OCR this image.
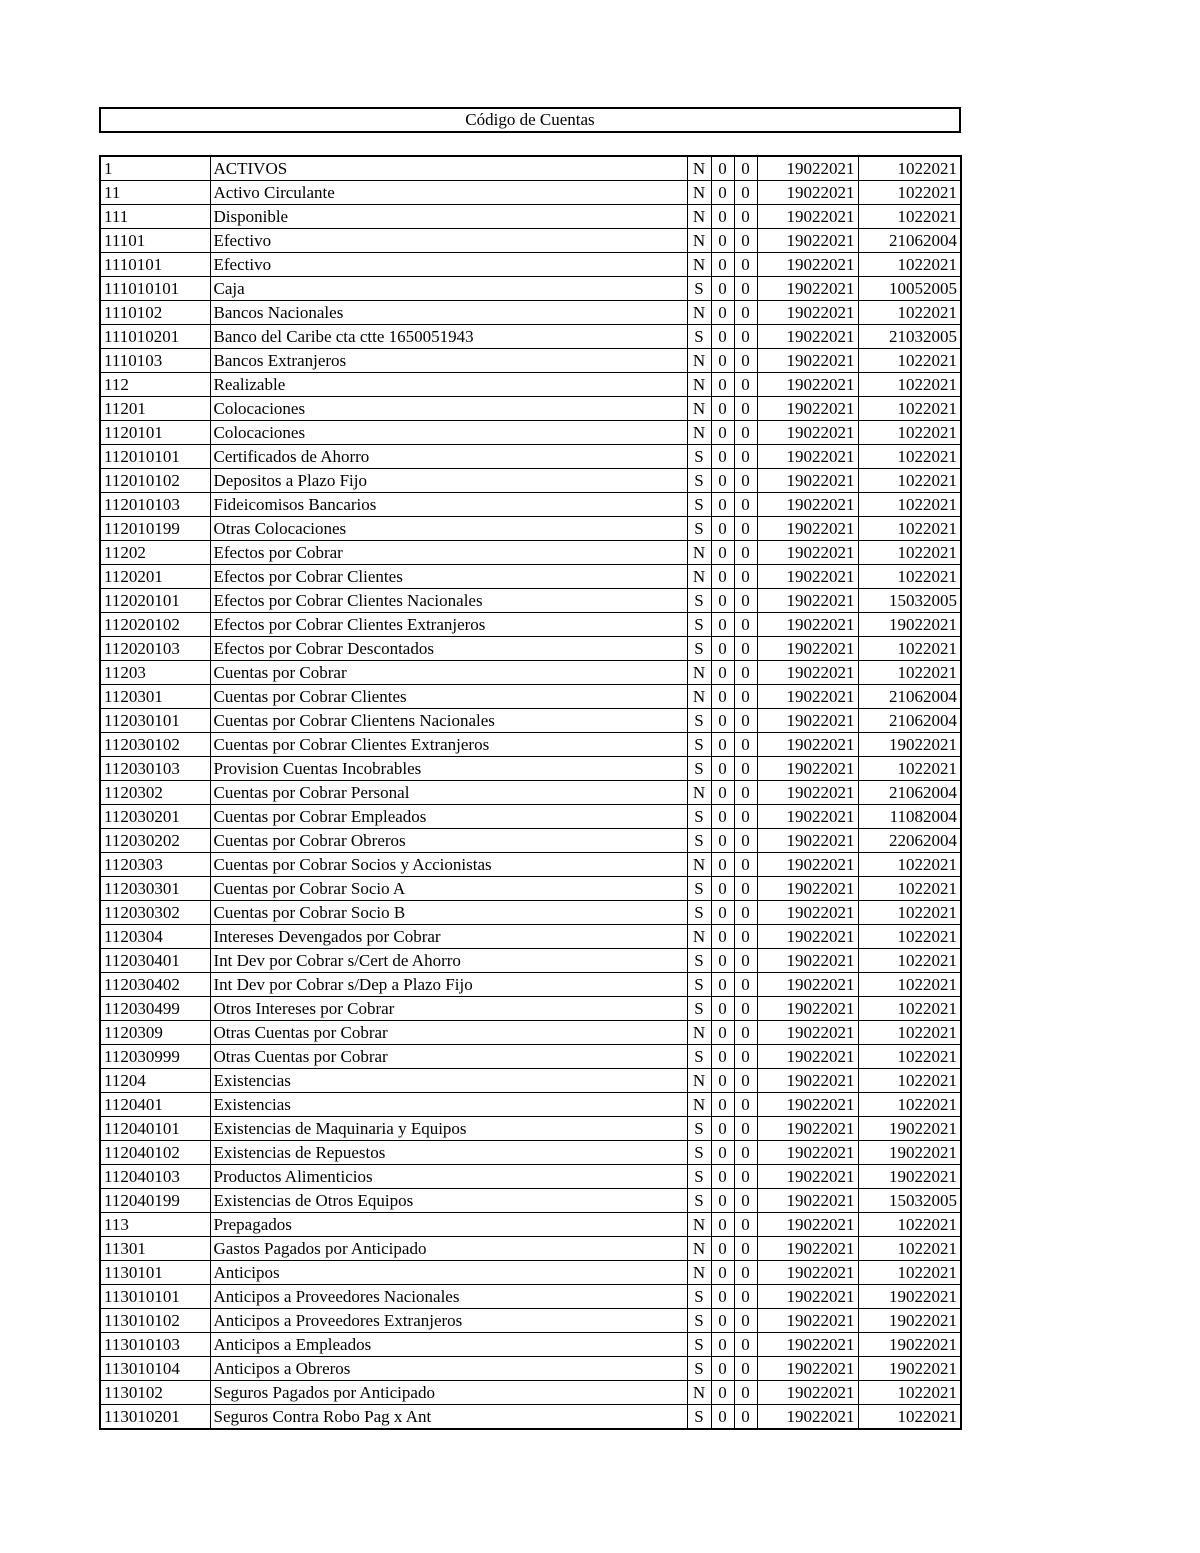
Código de Cuentas
1	ACTIVOS	N	0	0	19022021	1022021
11	Activo Circulante	N	0	0	19022021	1022021
111	Disponible	N	0	0	19022021	1022021
11101	Efectivo	N	0	0	19022021	21062004
1110101	Efectivo	N	0	0	19022021	1022021
111010101	Caja	S	0	0	19022021	10052005
1110102	Bancos Nacionales	N	0	0	19022021	1022021
111010201	Banco del Caribe cta ctte 1650051943	S	0	0	19022021	21032005
1110103	Bancos Extranjeros	N	0	0	19022021	1022021
112	Realizable	N	0	0	19022021	1022021
11201	Colocaciones	N	0	0	19022021	1022021
1120101	Colocaciones	N	0	0	19022021	1022021
112010101	Certificados de Ahorro	S	0	0	19022021	1022021
112010102	Depositos a Plazo Fijo	S	0	0	19022021	1022021
112010103	Fideicomisos Bancarios	S	0	0	19022021	1022021
112010199	Otras Colocaciones	S	0	0	19022021	1022021
11202	Efectos por Cobrar	N	0	0	19022021	1022021
1120201	Efectos por Cobrar Clientes	N	0	0	19022021	1022021
112020101	Efectos por Cobrar Clientes Nacionales	S	0	0	19022021	15032005
112020102	Efectos por Cobrar Clientes Extranjeros	S	0	0	19022021	19022021
112020103	Efectos por Cobrar Descontados	S	0	0	19022021	1022021
11203	Cuentas por Cobrar	N	0	0	19022021	1022021
1120301	Cuentas por Cobrar Clientes	N	0	0	19022021	21062004
112030101	Cuentas por Cobrar Clientens Nacionales	S	0	0	19022021	21062004
112030102	Cuentas por Cobrar Clientes Extranjeros	S	0	0	19022021	19022021
112030103	Provision Cuentas Incobrables	S	0	0	19022021	1022021
1120302	Cuentas por Cobrar Personal	N	0	0	19022021	21062004
112030201	Cuentas por Cobrar Empleados	S	0	0	19022021	11082004
112030202	Cuentas por Cobrar Obreros	S	0	0	19022021	22062004
1120303	Cuentas por Cobrar Socios y Accionistas	N	0	0	19022021	1022021
112030301	Cuentas por Cobrar Socio A	S	0	0	19022021	1022021
112030302	Cuentas por Cobrar Socio B	S	0	0	19022021	1022021
1120304	Intereses Devengados por Cobrar	N	0	0	19022021	1022021
112030401	Int Dev por Cobrar s/Cert de Ahorro	S	0	0	19022021	1022021
112030402	Int Dev por Cobrar s/Dep a Plazo Fijo	S	0	0	19022021	1022021
112030499	Otros Intereses por Cobrar	S	0	0	19022021	1022021
1120309	Otras Cuentas por Cobrar	N	0	0	19022021	1022021
112030999	Otras Cuentas por Cobrar	S	0	0	19022021	1022021
11204	Existencias	N	0	0	19022021	1022021
1120401	Existencias	N	0	0	19022021	1022021
112040101	Existencias de Maquinaria y Equipos	S	0	0	19022021	19022021
112040102	Existencias de Repuestos	S	0	0	19022021	19022021
112040103	Productos Alimenticios	S	0	0	19022021	19022021
112040199	Existencias de Otros Equipos	S	0	0	19022021	15032005
113	Prepagados	N	0	0	19022021	1022021
11301	Gastos Pagados por Anticipado	N	0	0	19022021	1022021
1130101	Anticipos	N	0	0	19022021	1022021
113010101	Anticipos a Proveedores Nacionales	S	0	0	19022021	19022021
113010102	Anticipos a Proveedores Extranjeros	S	0	0	19022021	19022021
113010103	Anticipos a Empleados	S	0	0	19022021	19022021
113010104	Anticipos a Obreros	S	0	0	19022021	19022021
1130102	Seguros Pagados por Anticipado	N	0	0	19022021	1022021
113010201	Seguros Contra Robo Pag x Ant	S	0	0	19022021	1022021
